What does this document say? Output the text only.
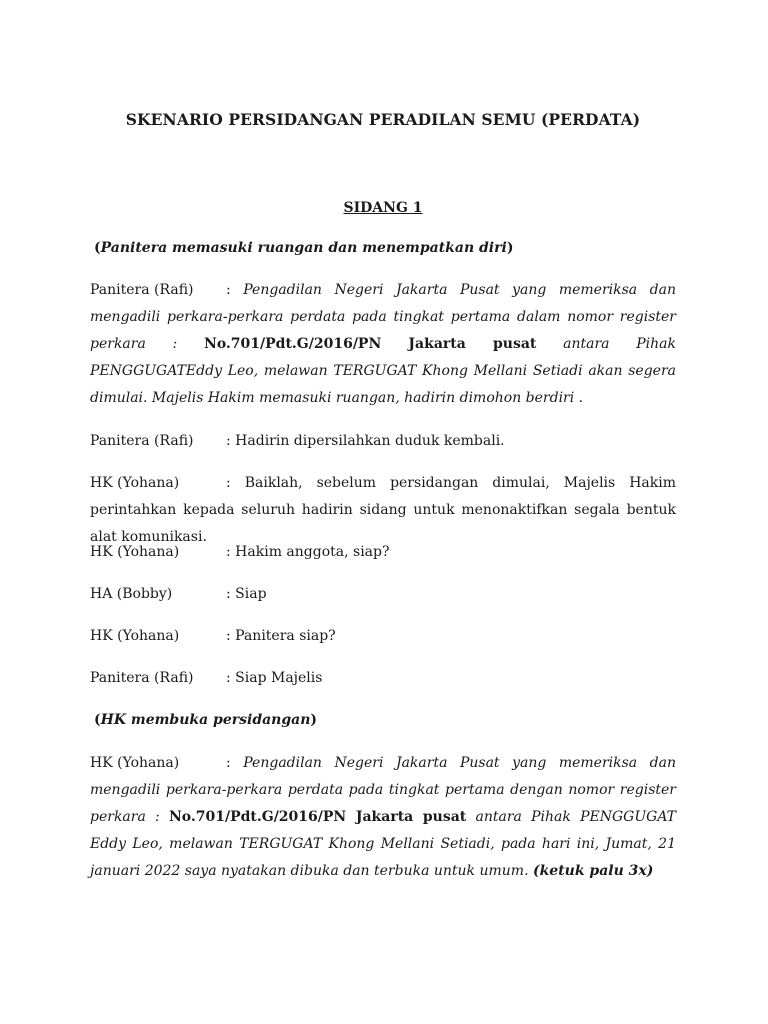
SKENARIO PERSIDANGAN PERADILAN SEMU (PERDATA)
SIDANG 1
(Panitera memasuki ruangan dan menempatkan diri)
Panitera (Rafi) : Pengadilan Negeri Jakarta Pusat yang memeriksa dan mengadili perkara-perkara perdata pada tingkat pertama dalam nomor register perkara : No.701/Pdt.G/2016/PN Jakarta pusat antara Pihak PENGGUGATEddy Leo, melawan TERGUGAT Khong Mellani Setiadi akan segera dimulai. Majelis Hakim memasuki ruangan, hadirin dimohon berdiri .
Panitera (Rafi) : Hadirin dipersilahkan duduk kembali.
HK (Yohana)	: Baiklah, sebelum persidangan dimulai, Majelis Hakim perintahkan kepada seluruh hadirin sidang untuk menonaktifkan segala bentuk alat komunikasi.
HK (Yohana)	: Hakim anggota, siap?
HA (Bobby)	: Siap
HK (Yohana)	: Panitera siap?
Panitera (Rafi) : Siap Majelis
(HK membuka persidangan)
HK (Yohana)	: Pengadilan Negeri Jakarta Pusat yang memeriksa dan mengadili perkara-perkara perdata pada tingkat pertama dengan nomor register perkara : No.701/Pdt.G/2016/PN Jakarta pusat antara Pihak PENGGUGAT Eddy Leo, melawan TERGUGAT Khong Mellani Setiadi, pada hari ini, Jumat, 21 januari 2022 saya nyatakan dibuka dan terbuka untuk umum. (ketuk palu 3x)
